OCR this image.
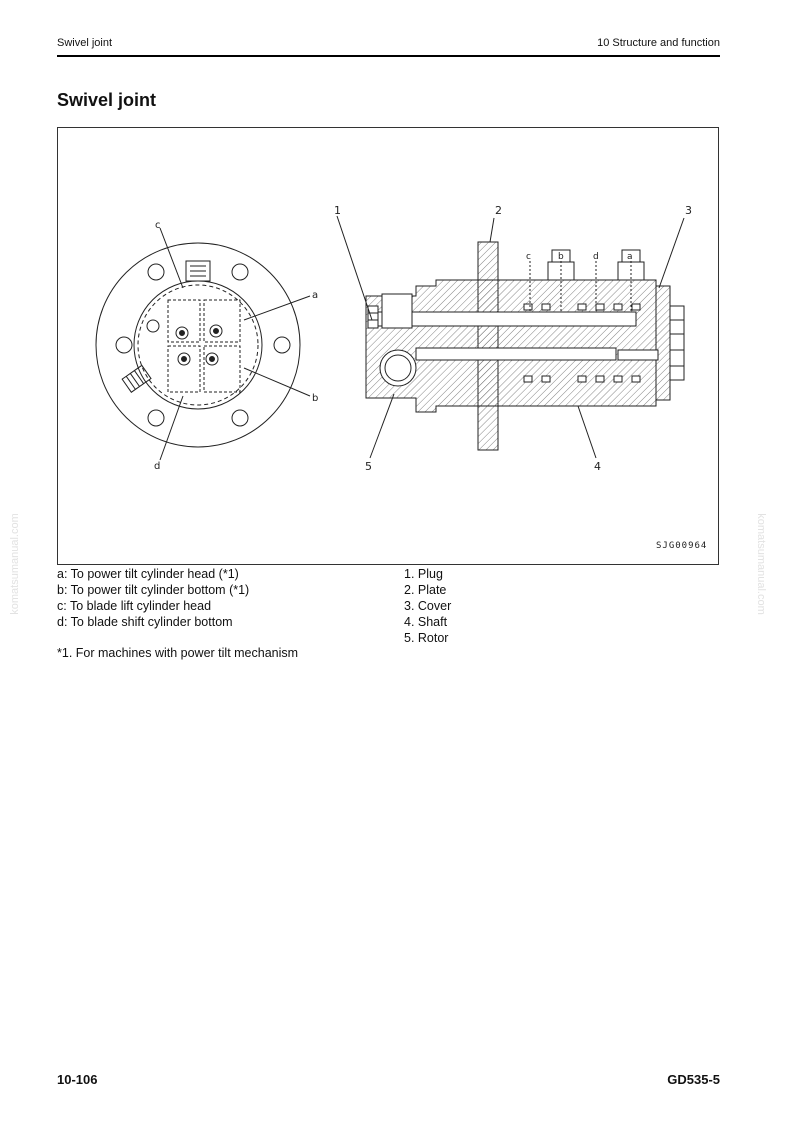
Swivel joint	10 Structure and function
Swivel joint
c
a
b
d
1	2	3
4
5
c	b	d	a
SJG00964
a: To power tilt cylinder head (*1)
b: To power tilt cylinder bottom (*1)
c: To blade lift cylinder head
d: To blade shift cylinder bottom
1. Plug
2. Plate
3. Cover
4. Shaft
5. Rotor
*1. For machines with power tilt mechanism
komatsumanual.com	komatsumanual.com
10-106	GD535-5
